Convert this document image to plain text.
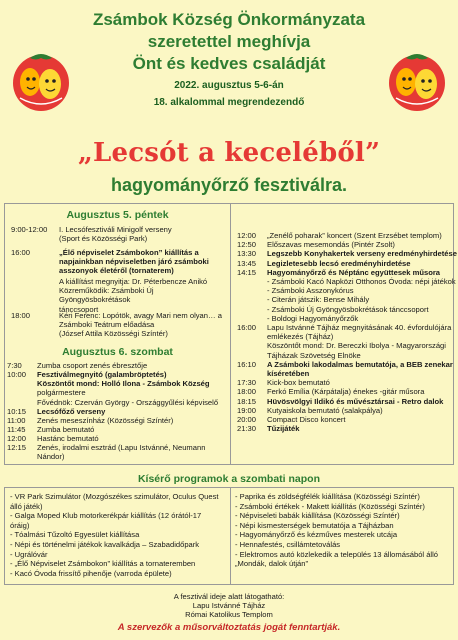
Zsámbok Község Önkormányzata
szeretettel meghívja
Önt és kedves családját
2022. augusztus 5-6-án
18. alkalommal megrendezendő
„Lecsót a keceléből”
hagyományőrző fesztiválra.
Augusztus 5. péntek
9:00-12:00 I. Lecsófesztiváli Minigolf verseny
(Sport és Közösségi Park)
16:00	„Élő népviselet Zsámbokon” kiállítás a
napjainkban népviseletben járó zsámboki
asszonyok életéről (tornaterem)
A kiállítást megnyitja: Dr. Péterbencze Anikó
Közreműködik: Zsámboki Új Gyöngyösbokrétások
tánccsoport
18:00	Kéri Ferenc: Lopótök, avagy Mari nem olyan… a
Zsámboki Teátrum előadása
(József Attila Közösségi Színtér)
Augusztus 6. szombat
7:30 Zumba csoport zenés ébresztője
10:00 Fesztiválmegnyitó (galambröptetés)
Köszöntőt mond: Holló Ilona - Zsámbok Község
polgármestere
Fővédnök: Czerván György - Országgyűlési képviselő
10:15 Lecsófőző verseny
11:00 Zenés meseszínház (Közösségi Színtér)
11:45 Zumba bemutató
12:00 Hastánc bemutató
12:15 Zenés, irodalmi esztrád (Lapu Istvánné, Neumann
Nándor)
12:00 „Zenélő poharak” koncert (Szent Erzsébet templom)
12:50 Előszavas mesemondás (Pintér Zsolt)
13:30 Legszebb Konyhakertek verseny eredményhirdetése
13:45 Legizletesebb lecsó eredményhirdetése
14:15 Hagyományőrző és Néptánc együttesek műsora
- Zsámboki Kacó Napközi Otthonos Óvoda: népi játékok
- Zsámboki Asszonykórus
- Citerán játszik: Bense Mihály
- Zsámboki Új Gyöngyösbokrétások tánccsoport
- Boldogi Hagyományőrzők
16:00 Lapu Istvánné Tájház megnyitásának 40. évfordulójára
emlékezés (Tájház)
Köszöntőt mond: Dr. Bereczki Ibolya - Magyarországi
Tájházak Szövetség Elnöke
16:10 A Zsámboki lakodalmas bemutatója, a BEB zenekar
kíséretében
17:30 Kick-box bemutató
18:00 Ferkó Emília (Kárpátalja) énekes -gitár műsora
18:15 Hüvösvölgyi Ildikó és művésztársai - Retro dalok
19:00 Kutyaiskola bemutató (salakpálya)
20:00 Compact Disco koncert
21:30 Tűzijáték
Kísérő programok a szombati napon
- VR Park Szimulátor (Mozgószékes szimulátor, Oculus Quest
álló játék)
- Galga Moped Klub motorkerékpár kiállítás (12 órától-17
óráig)
- Tóalmási Tűzoltó Egyesület kiállítása
- Népi és történelmi játékok kavalkádja – Szabadidőpark
- Ugrálóvár
- „Élő Népviselet Zsámbokon” kiállítás a tornateremben
- Kacó Óvoda frissítő pihenője (varroda épülete)
- Paprika és zöldségfélék kiállítása (Közösségi Színtér)
- Zsámboki értékek - Makett kiállítás (Közösségi Színtér)
- Népviseleti babák kiállítása (Közösségi Színtér)
- Népi kismesterségek bemutatója a Tájházban
- Hagyományőrző és kézműves mesterek utcája
- Hennafestés, csillámtetoválás
- Elektromos autó közlekedik a település 13 állomásából álló
„Mondák, dalok útján”
A fesztivál ideje alatt látogatható:
Lapu Istvánné Tájház
Római Katolikus Templom
A szervezők a műsorváltoztatás jogát fenntartják.
